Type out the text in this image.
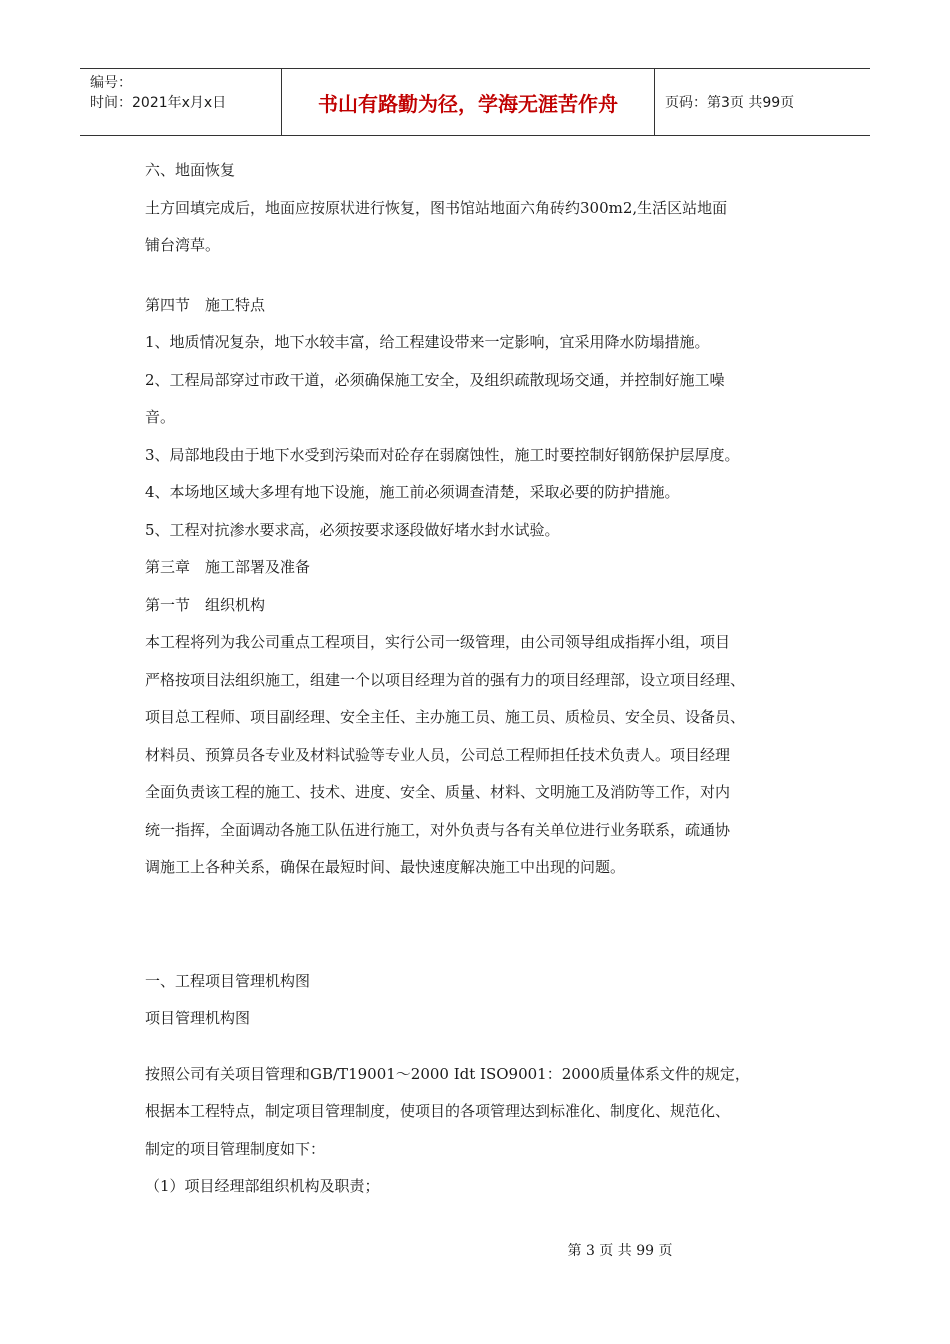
编号：
时间：2021年x月x日	书山有路勤为径，学海无涯苦作舟	页码：第3页 共99页
六、地面恢复
土方回填完成后，地面应按原状进行恢复，图书馆站地面六角砖约300m2,生活区站地面
铺台湾草。
第四节　施工特点
1、地质情况复杂，地下水较丰富，给工程建设带来一定影响，宜采用降水防塌措施。
2、工程局部穿过市政干道，必须确保施工安全，及组织疏散现场交通，并控制好施工噪
音。
3、局部地段由于地下水受到污染而对砼存在弱腐蚀性，施工时要控制好钢筋保护层厚度。
4、本场地区域大多埋有地下设施，施工前必须调查清楚，采取必要的防护措施。
5、工程对抗渗水要求高，必须按要求逐段做好堵水封水试验。
第三章　施工部署及准备
第一节　组织机构
本工程将列为我公司重点工程项目，实行公司一级管理，由公司领导组成指挥小组，项目
严格按项目法组织施工，组建一个以项目经理为首的强有力的项目经理部，设立项目经理、
项目总工程师、项目副经理、安全主任、主办施工员、施工员、质检员、安全员、设备员、
材料员、预算员各专业及材料试验等专业人员，公司总工程师担任技术负责人。项目经理
全面负责该工程的施工、技术、进度、安全、质量、材料、文明施工及消防等工作，对内
统一指挥，全面调动各施工队伍进行施工，对外负责与各有关单位进行业务联系，疏通协
调施工上各种关系，确保在最短时间、最快速度解决施工中出现的问题。
一、工程项目管理机构图
项目管理机构图
按照公司有关项目管理和GB/T19001～2000 Idt ISO9001：2000质量体系文件的规定，
根据本工程特点，制定项目管理制度，使项目的各项管理达到标准化、制度化、规范化、
制定的项目管理制度如下：
（1）项目经理部组织机构及职责；
第 3 页 共 99 页
